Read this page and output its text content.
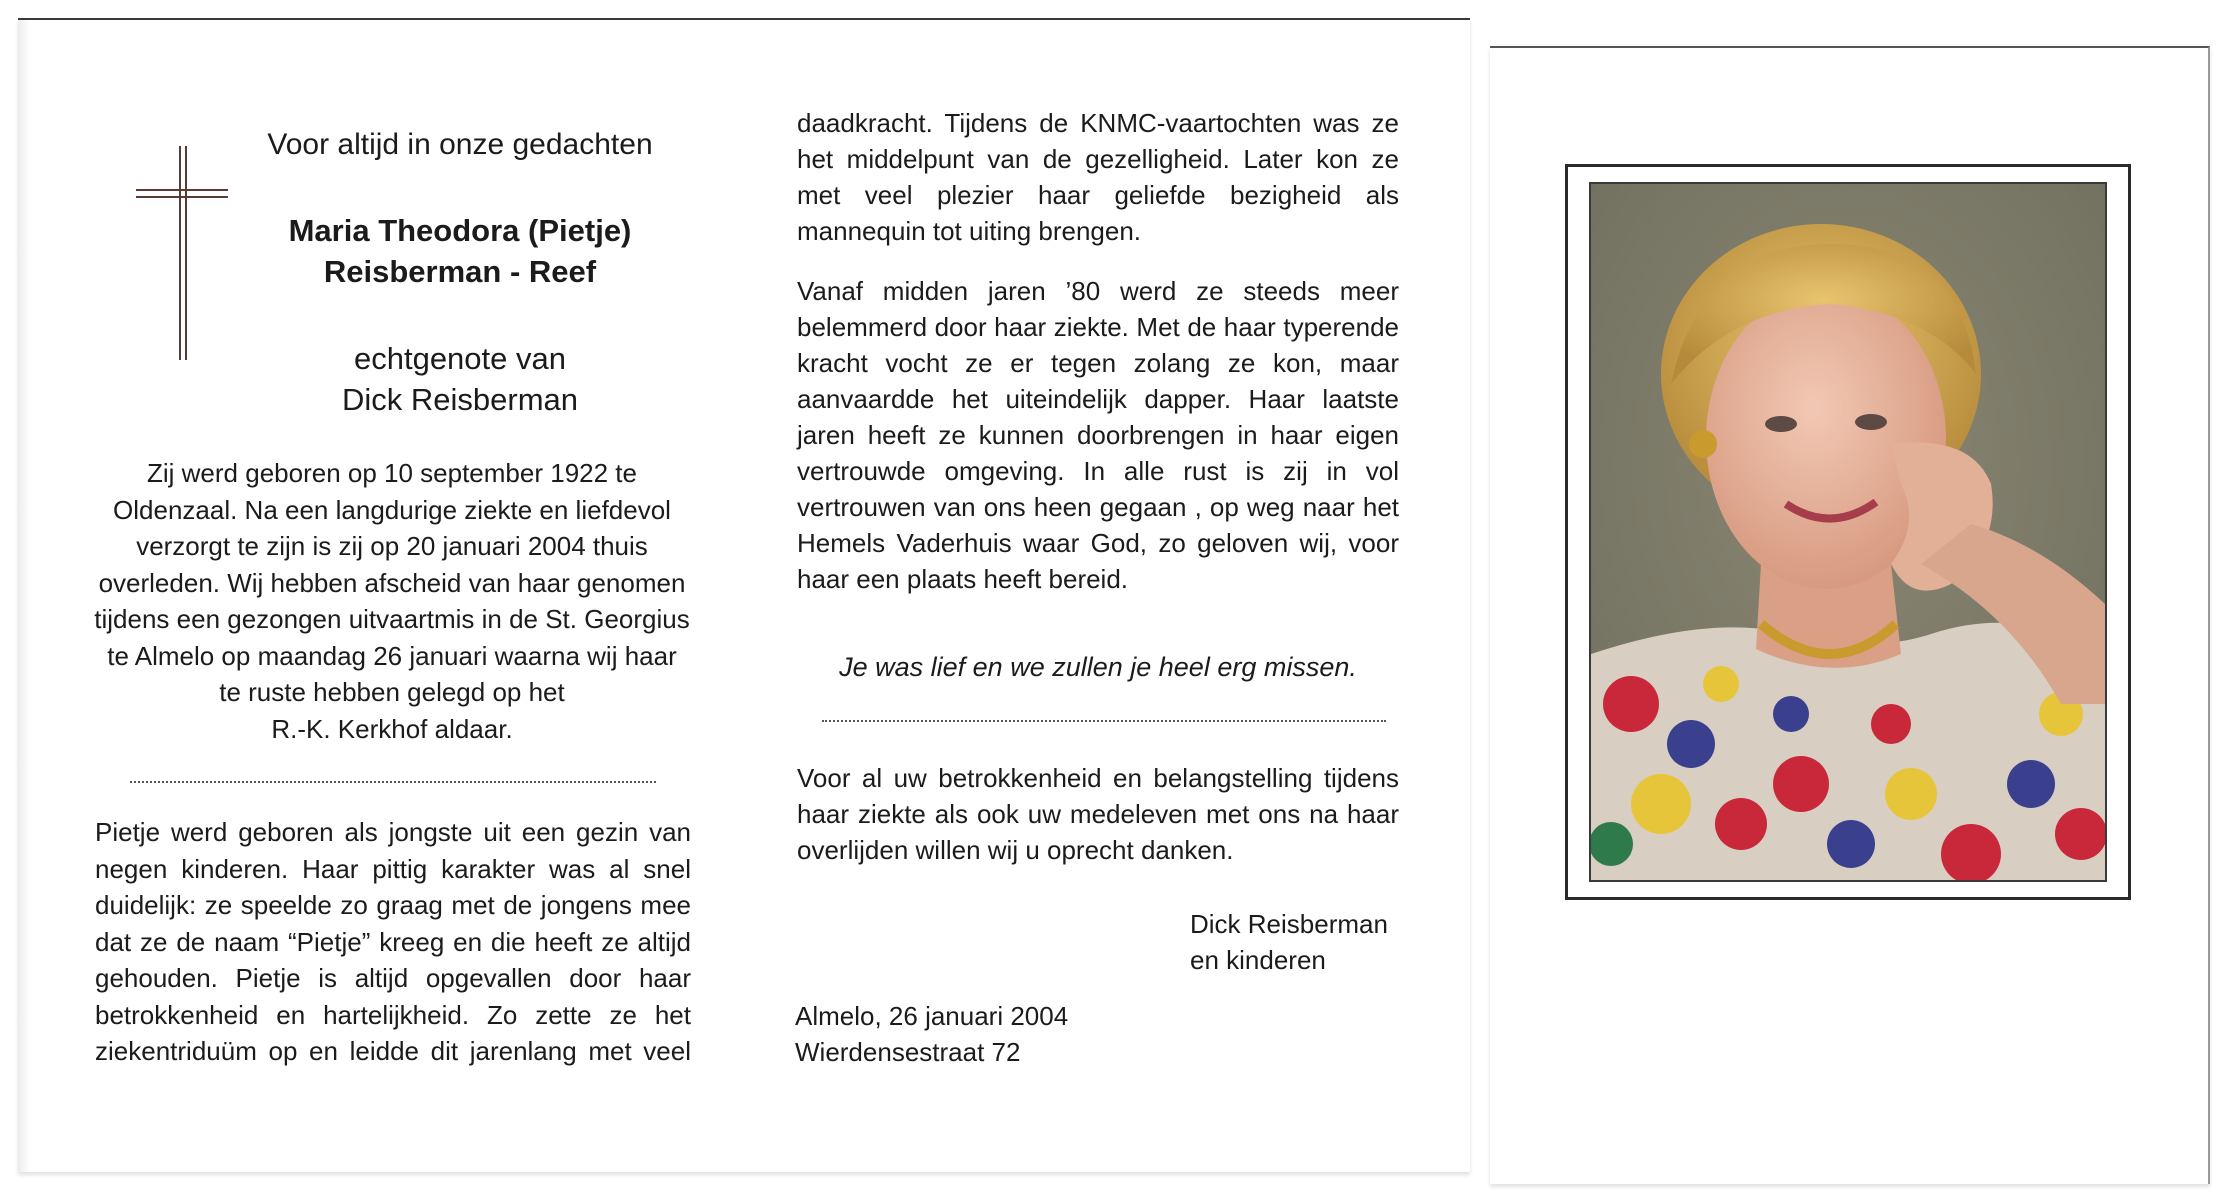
Voor altijd in onze gedachten
Maria Theodora (Pietje)
Reisberman - Reef
echtgenote van
Dick Reisberman
Zij werd geboren op 10 september 1922 te
Oldenzaal. Na een langdurige ziekte en liefdevol
verzorgt te zijn is zij op 20 januari 2004 thuis
overleden. Wij hebben afscheid van haar genomen
tijdens een gezongen uitvaartmis in de St. Georgius
te Almelo op maandag 26 januari waarna wij haar
te ruste hebben gelegd op het
R.-K. Kerkhof aldaar.
Pietje werd geboren als jongste uit een gezin van
negen kinderen. Haar pittig karakter was al snel
duidelijk: ze speelde zo graag met de jongens mee
dat ze de naam “Pietje” kreeg en die heeft ze altijd
gehouden. Pietje is altijd opgevallen door haar
betrokkenheid en hartelijkheid. Zo zette ze het
ziekentriduüm op en leidde dit jarenlang met veel
daadkracht. Tijdens de KNMC-vaartochten was ze
het middelpunt van de gezelligheid. Later kon ze
met veel plezier haar geliefde bezigheid als
mannequin tot uiting brengen.
Vanaf midden jaren ’80 werd ze steeds meer
belemmerd door haar ziekte. Met de haar typerende
kracht vocht ze er tegen zolang ze kon, maar
aanvaardde het uiteindelijk dapper. Haar laatste
jaren heeft ze kunnen doorbrengen in haar eigen
vertrouwde omgeving. In alle rust is zij in vol
vertrouwen van ons heen gegaan , op weg naar het
Hemels Vaderhuis waar God, zo geloven wij, voor
haar een plaats heeft bereid.
Je was lief en we zullen je heel erg missen.
Voor al uw betrokkenheid en belangstelling tijdens
haar ziekte als ook uw medeleven met ons na haar
overlijden willen wij u oprecht danken.
Dick Reisberman
en kinderen
Almelo, 26 januari 2004
Wierdensestraat 72
